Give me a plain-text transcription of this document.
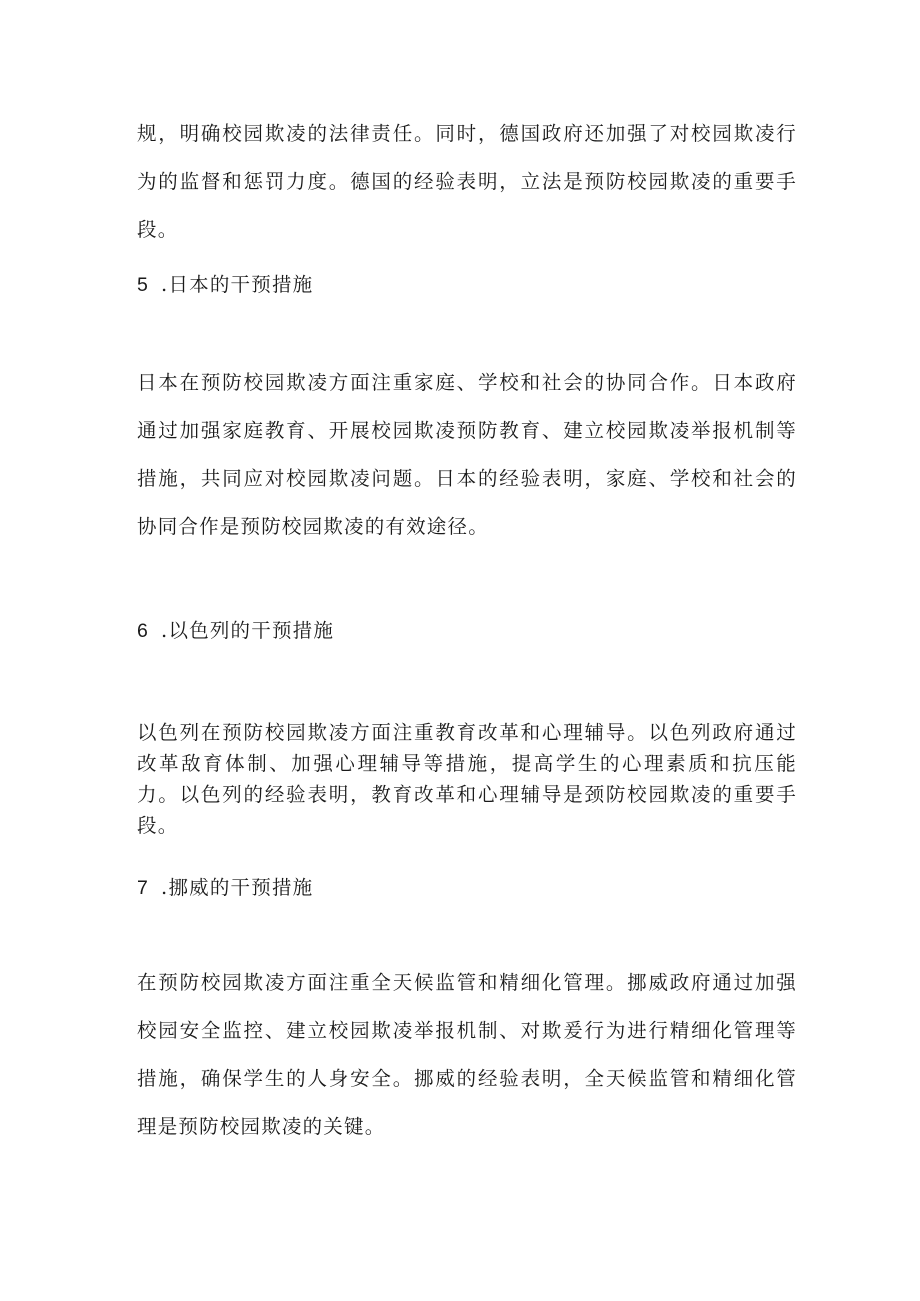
规，明确校园欺凌的法律责任。同时，德国政府还加强了对校园欺凌行为的监督和惩罚力度。德国的经验表明，立法是预防校园欺凌的重要手段。

5 .日本的干预措施

日本在预防校园欺凌方面注重家庭、学校和社会的协同合作。日本政府通过加强家庭教育、开展校园欺凌预防教育、建立校园欺凌举报机制等措施，共同应对校园欺凌问题。日本的经验表明，家庭、学校和社会的协同合作是预防校园欺凌的有效途径。

6 .以色列的干预措施

以色列在预防校园欺凌方面注重教育改革和心理辅导。以色列政府通过改革敌育体制、加强心理辅导等措施，提高学生的心理素质和抗压能力。以色列的经验表明，教育改革和心理辅导是颈防校园欺凌的重要手段。

7 .挪威的干预措施

在预防校园欺凌方面注重全天候监管和精细化管理。挪威政府通过加强校园安全监控、建立校园欺凌举报机制、对欺爰行为进行精细化管理等措施，确保学生的人身安全。挪威的经验表明，全天候监管和精细化管理是预防校园欺凌的关键。
